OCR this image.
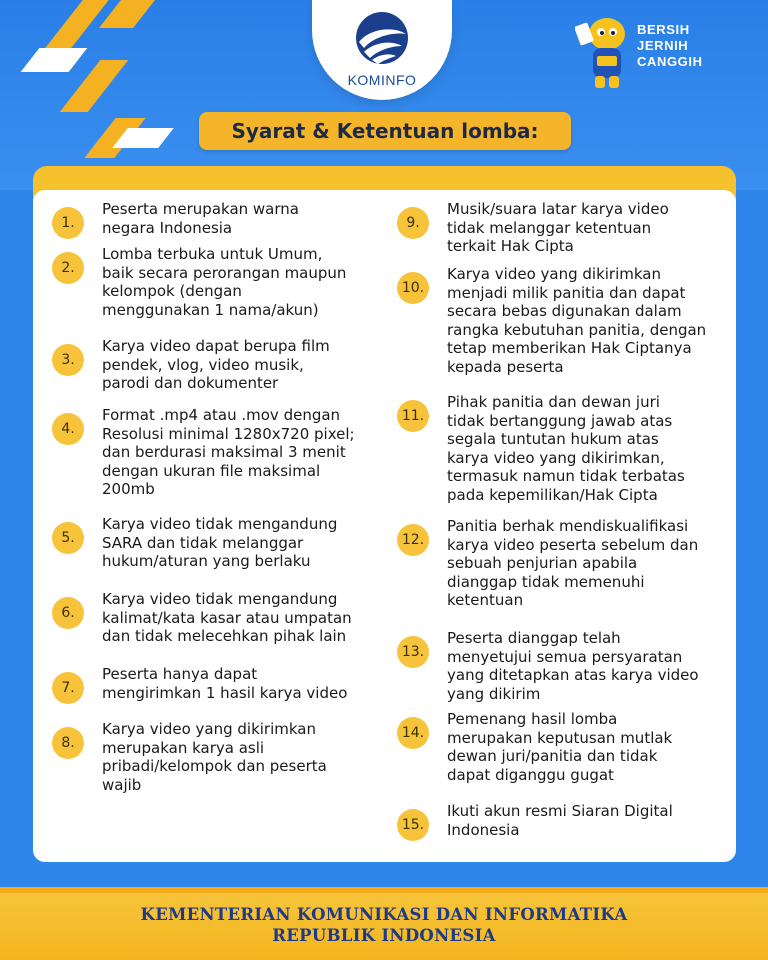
KOMINFO
BERSIH
JERNIH
CANGGIH
Syarat & Ketentuan lomba:
1.
Peserta merupakan warna
negara Indonesia
2.
Lomba terbuka untuk Umum,
baik secara perorangan maupun
kelompok (dengan
menggunakan 1 nama/akun)
3.
Karya video dapat berupa film
pendek, vlog, video musik,
parodi dan dokumenter
4.
Format .mp4 atau .mov dengan
Resolusi minimal 1280x720 pixel;
dan berdurasi maksimal 3 menit
dengan ukuran file maksimal
200mb
5.
Karya video tidak mengandung
SARA dan tidak melanggar
hukum/aturan yang berlaku
6.
Karya video tidak mengandung
kalimat/kata kasar atau umpatan
dan tidak melecehkan pihak lain
7.
Peserta hanya dapat
mengirimkan 1 hasil karya video
8.
Karya video yang dikirimkan
merupakan karya asli
pribadi/kelompok dan peserta
wajib
9.
Musik/suara latar karya video
tidak melanggar ketentuan
terkait Hak Cipta
10.
Karya video yang dikirimkan
menjadi milik panitia dan dapat
secara bebas digunakan dalam
rangka kebutuhan panitia, dengan
tetap memberikan Hak Ciptanya
kepada peserta
11.
Pihak panitia dan dewan juri
tidak bertanggung jawab atas
segala tuntutan hukum atas
karya video yang dikirimkan,
termasuk namun tidak terbatas
pada kepemilikan/Hak Cipta
12.
Panitia berhak mendiskualifikasi
karya video peserta sebelum dan
sebuah penjurian apabila
dianggap tidak memenuhi
ketentuan
13.
Peserta dianggap telah
menyetujui semua persyaratan
yang ditetapkan atas karya video
yang dikirim
14.
Pemenang hasil lomba
merupakan keputusan mutlak
dewan juri/panitia dan tidak
dapat diganggu gugat
15.
Ikuti akun resmi Siaran Digital
Indonesia
KEMENTERIAN KOMUNIKASI DAN INFORMATIKA
REPUBLIK INDONESIA
